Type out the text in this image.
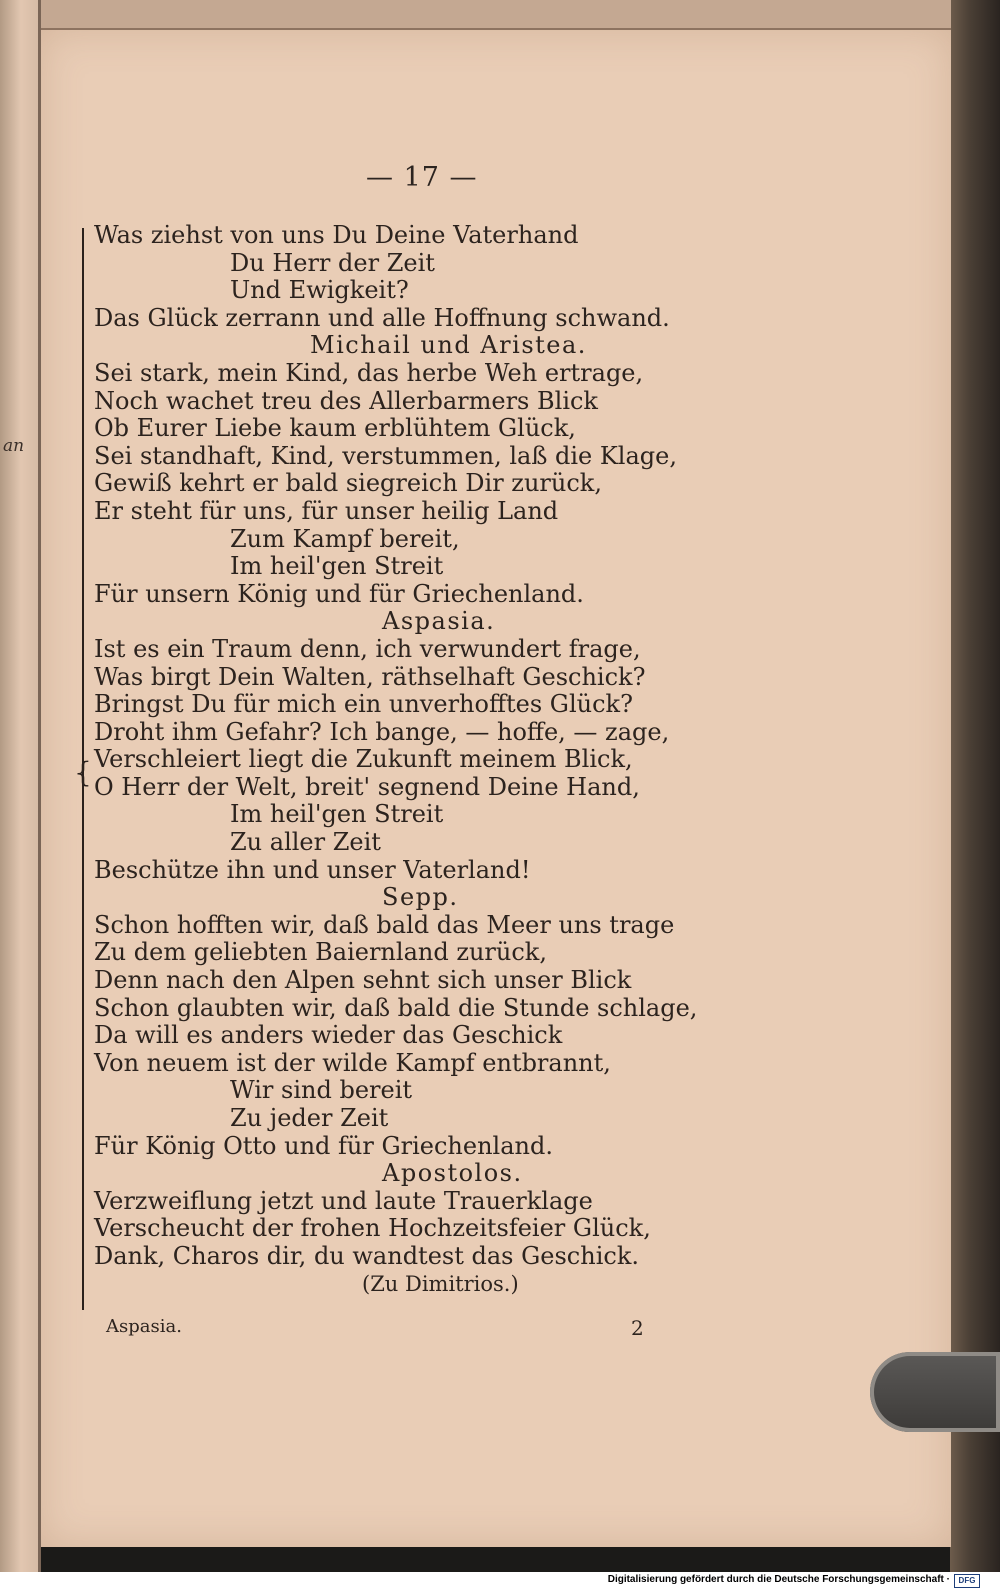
an
— 17 —
{
Was ziehst von uns Du Deine Vaterhand
Du Herr der Zeit
Und Ewigkeit?
Das Glück zerrann und alle Hoffnung schwand.
Michail und Aristea.
Sei stark, mein Kind, das herbe Weh ertrage,
Noch wachet treu des Allerbarmers Blick
Ob Eurer Liebe kaum erblühtem Glück,
Sei standhaft, Kind, verstummen, laß die Klage,
Gewiß kehrt er bald siegreich Dir zurück,
Er steht für uns, für unser heilig Land
Zum Kampf bereit,
Im heil'gen Streit
Für unsern König und für Griechenland.
Aspasia.
Ist es ein Traum denn, ich verwundert frage,
Was birgt Dein Walten, räthselhaft Geschick?
Bringst Du für mich ein unverhofftes Glück?
Droht ihm Gefahr? Ich bange, — hoffe, — zage,
Verschleiert liegt die Zukunft meinem Blick,
O Herr der Welt, breit' segnend Deine Hand,
Im heil'gen Streit
Zu aller Zeit
Beschütze ihn und unser Vaterland!
Sepp.
Schon hofften wir, daß bald das Meer uns trage
Zu dem geliebten Baiernland zurück,
Denn nach den Alpen sehnt sich unser Blick
Schon glaubten wir, daß bald die Stunde schlage,
Da will es anders wieder das Geschick
Von neuem ist der wilde Kampf entbrannt,
Wir sind bereit
Zu jeder Zeit
Für König Otto und für Griechenland.
Apostolos.
Verzweiflung jetzt und laute Trauerklage
Verscheucht der frohen Hochzeitsfeier Glück,
Dank, Charos dir, du wandtest das Geschick.
(Zu Dimitrios.)
Aspasia.	2
Digitalisierung gefördert durch die Deutsche Forschungsgemeinschaft ·	DFG
